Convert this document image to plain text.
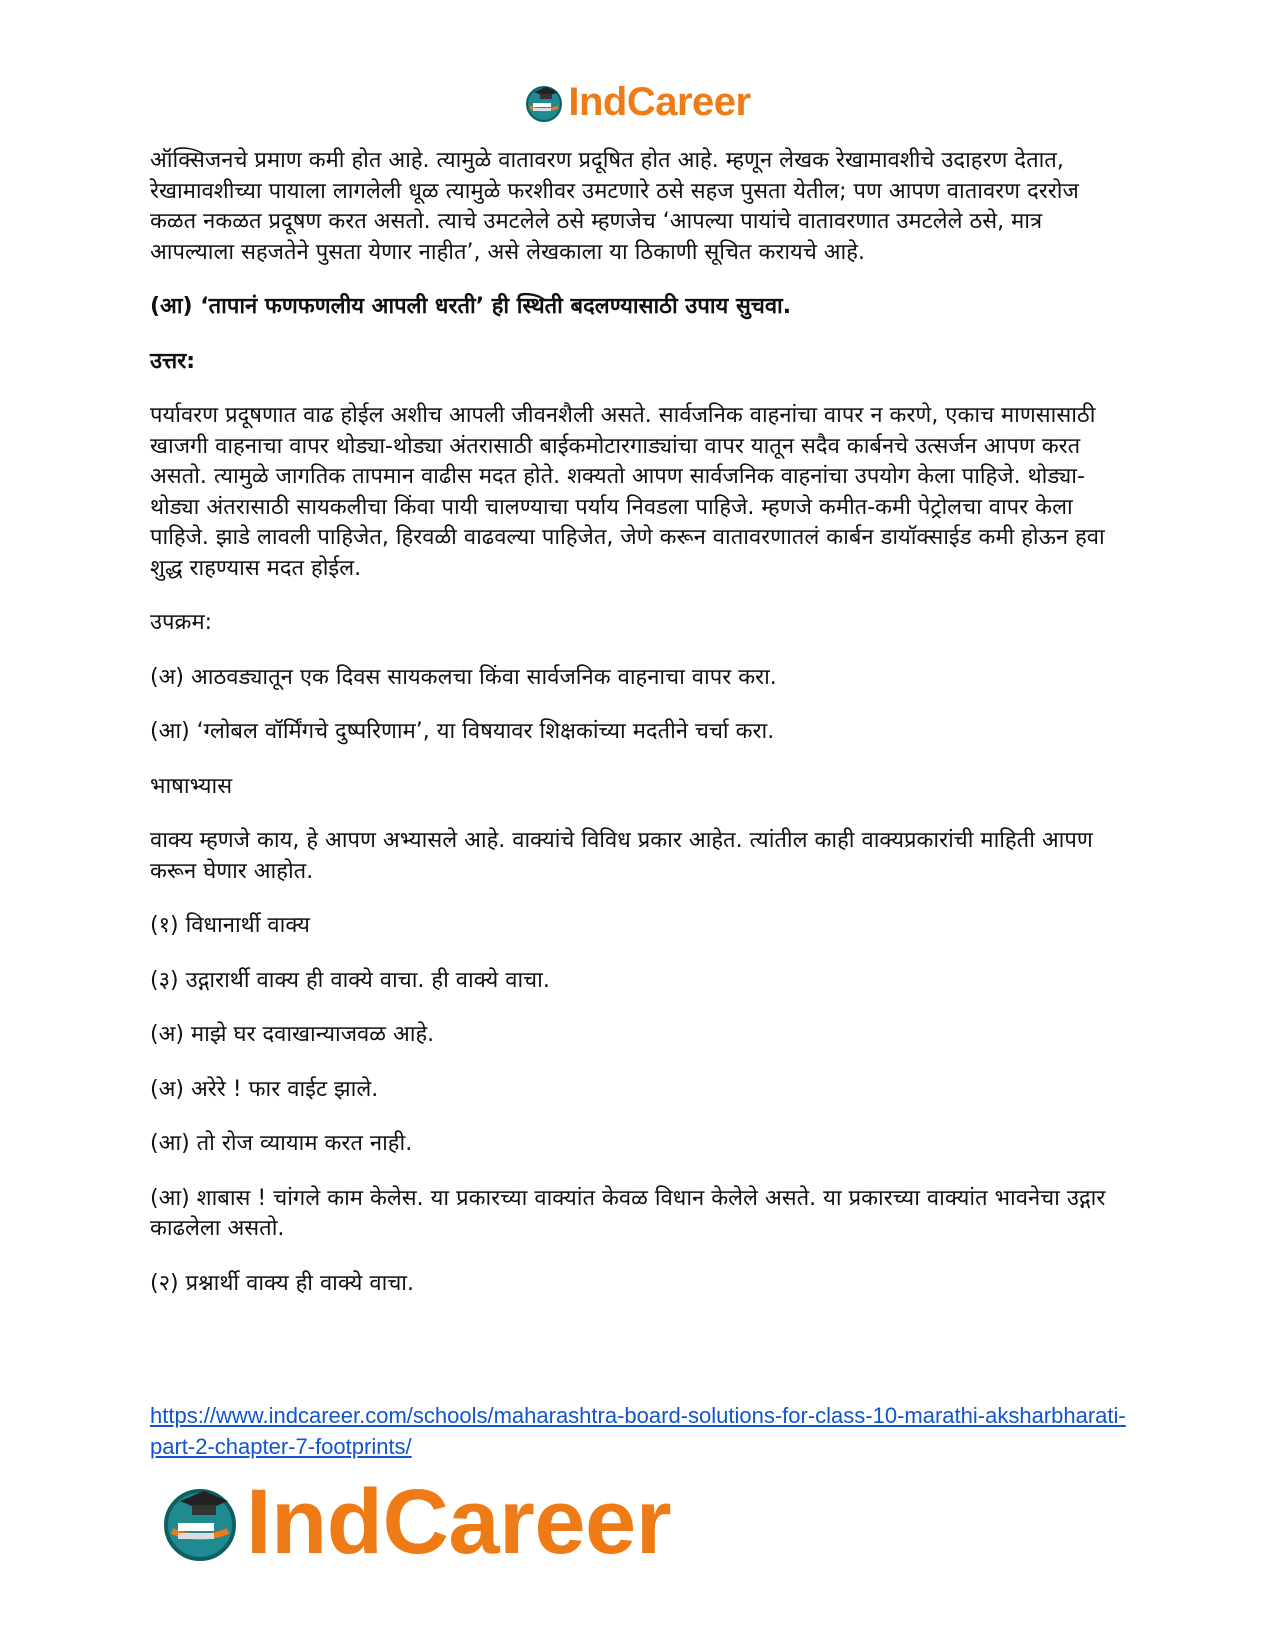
IndCareer

ऑक्सिजनचे प्रमाण कमी होत आहे. त्यामुळे वातावरण प्रदूषित होत आहे. म्हणून लेखक रेखामावशीचे उदाहरण देतात, रेखामावशीच्या पायाला लागलेली धूळ त्यामुळे फरशीवर उमटणारे ठसे सहज पुसता येतील; पण आपण वातावरण दररोज कळत नकळत प्रदूषण करत असतो. त्याचे उमटलेले ठसे म्हणजेच ‘आपल्या पायांचे वातावरणात उमटलेले ठसे, मात्र आपल्याला सहजतेने पुसता येणार नाहीत’, असे लेखकाला या ठिकाणी सूचित करायचे आहे.

(आ) ‘तापानं फणफणलीय आपली धरती’ ही स्थिती बदलण्यासाठी उपाय सुचवा.

उत्तर:

पर्यावरण प्रदूषणात वाढ होईल अशीच आपली जीवनशैली असते. सार्वजनिक वाहनांचा वापर न करणे, एकाच माणसासाठी खाजगी वाहनाचा वापर थोड्या-थोड्या अंतरासाठी बाईकमोटारगाड्यांचा वापर यातून सदैव कार्बनचे उत्सर्जन आपण करत असतो. त्यामुळे जागतिक तापमान वाढीस मदत होते. शक्यतो आपण सार्वजनिक वाहनांचा उपयोग केला पाहिजे. थोड्या-थोड्या अंतरासाठी सायकलीचा किंवा पायी चालण्याचा पर्याय निवडला पाहिजे. म्हणजे कमीत-कमी पेट्रोलचा वापर केला पाहिजे. झाडे लावली पाहिजेत, हिरवळी वाढवल्या पाहिजेत, जेणे करून वातावरणातलं कार्बन डायॉक्साईड कमी होऊन हवा शुद्ध राहण्यास मदत होईल.

उपक्रम:

(अ) आठवड्यातून एक दिवस सायकलचा किंवा सार्वजनिक वाहनाचा वापर करा.

(आ) ‘ग्लोबल वॉर्मिंगचे दुष्परिणाम’, या विषयावर शिक्षकांच्या मदतीने चर्चा करा.

भाषाभ्यास

वाक्य म्हणजे काय, हे आपण अभ्यासले आहे. वाक्यांचे विविध प्रकार आहेत. त्यांतील काही वाक्यप्रकारांची माहिती आपण करून घेणार आहोत.

(१) विधानार्थी वाक्य

(३) उद्गारार्थी वाक्य ही वाक्ये वाचा. ही वाक्ये वाचा.

(अ) माझे घर दवाखान्याजवळ आहे.

(अ) अरेरे ! फार वाईट झाले.

(आ) तो रोज व्यायाम करत नाही.

(आ) शाबास ! चांगले काम केलेस. या प्रकारच्या वाक्यांत केवळ विधान केलेले असते. या प्रकारच्या वाक्यांत भावनेचा उद्गार काढलेला असतो.

(२) प्रश्नार्थी वाक्य ही वाक्ये वाचा.

https://www.indcareer.com/schools/maharashtra-board-solutions-for-class-10-marathi-aksharbharati-part-2-chapter-7-footprints/
IndCareer
